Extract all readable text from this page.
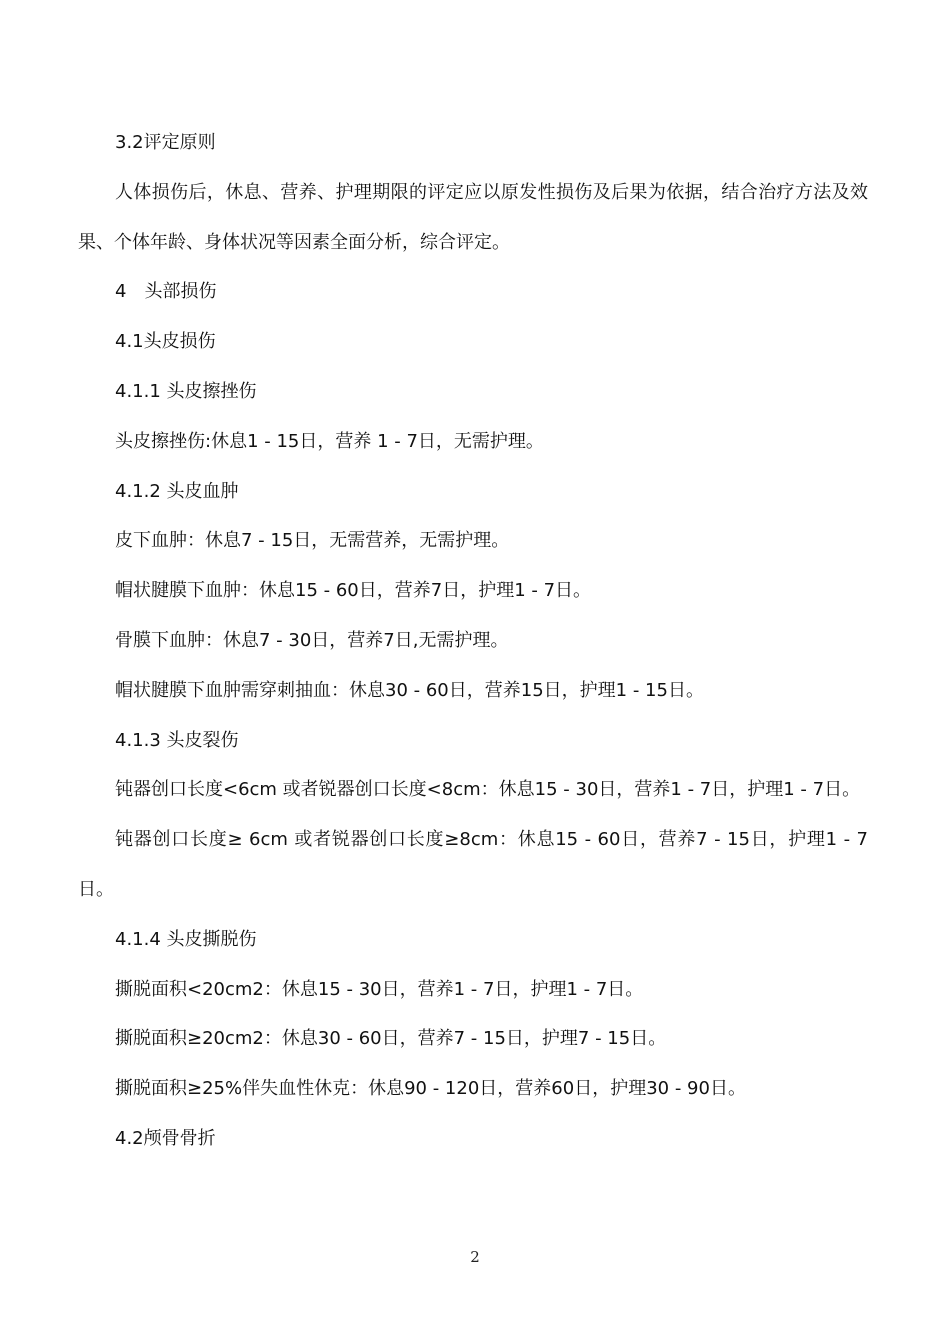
3.2评定原则

人体损伤后，休息、营养、护理期限的评定应以原发性损伤及后果为依据，结合治疗方法及效果、个体年龄、身体状况等因素全面分析，综合评定。

4　头部损伤

4.1头皮损伤

4.1.1 头皮擦挫伤

头皮擦挫伤:休息1 - 15日，营养 1 - 7日，无需护理。

4.1.2 头皮血肿

皮下血肿：休息7 - 15日，无需营养，无需护理。

帽状腱膜下血肿：休息15 - 60日，营养7日，护理1 - 7日。

骨膜下血肿：休息7 - 30日，营养7日,无需护理。

帽状腱膜下血肿需穿刺抽血：休息30 - 60日，营养15日，护理1 - 15日。

4.1.3 头皮裂伤

钝器创口长度<6cm 或者锐器创口长度<8cm：休息15 - 30日，营养1 - 7日，护理1 - 7日。

钝器创口长度≥ 6cm 或者锐器创口长度≥8cm：休息15 - 60日，营养7 - 15日，护理1 - 7日。

4.1.4 头皮撕脱伤

撕脱面积<20cm2：休息15 - 30日，营养1 - 7日，护理1 - 7日。

撕脱面积≥20cm2：休息30 - 60日，营养7 - 15日，护理7 - 15日。

撕脱面积≥25%伴失血性休克：休息90 - 120日，营养60日，护理30 - 90日。

4.2颅骨骨折

2
